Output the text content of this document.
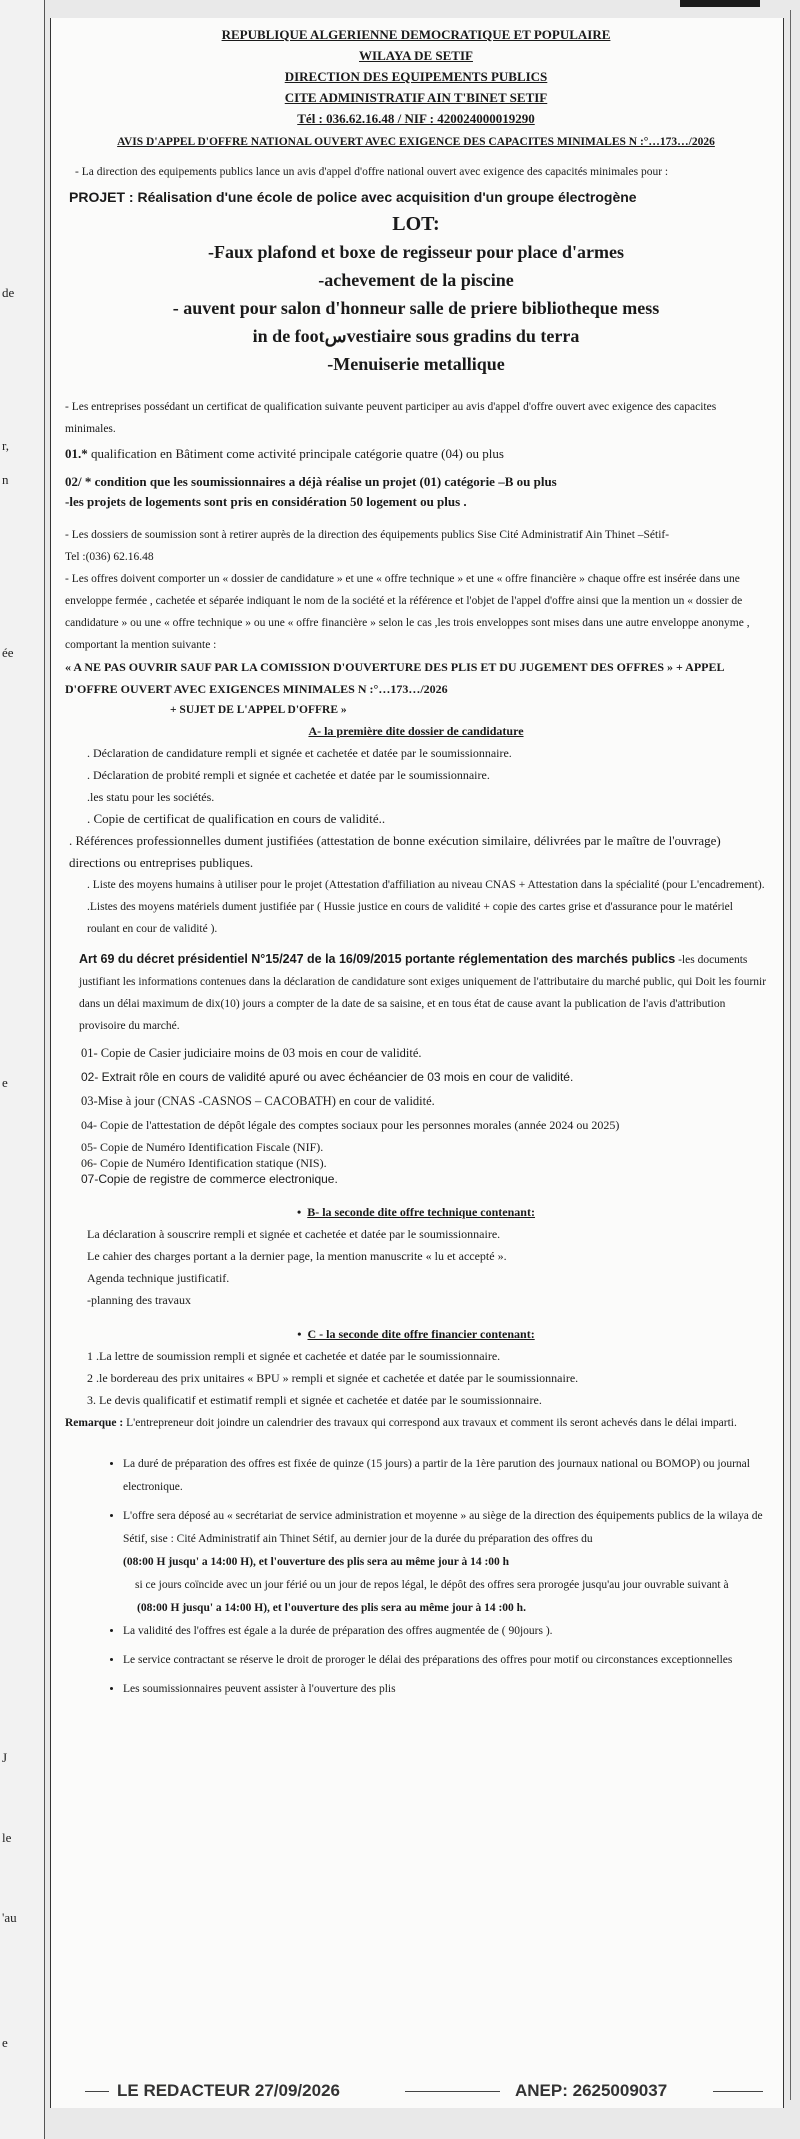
de
r,
n
ée
e
J
le
'au
e
REPUBLIQUE ALGERIENNE DEMOCRATIQUE ET POPULAIRE
WILAYA DE SETIF
DIRECTION DES EQUIPEMENTS PUBLICS
CITE ADMINISTRATIF AIN T'BINET SETIF
Tél : 036.62.16.48 / NIF : 420024000019290
AVIS D'APPEL D'OFFRE NATIONAL OUVERT AVEC EXIGENCE DES CAPACITES MINIMALES N :°…173…/2026

- La direction des equipements publics lance un avis d'appel d'offre national ouvert avec exigence des capacités minimales pour :

PROJET : Réalisation d'une école de police avec acquisition d'un groupe électrogène
LOT:
-Faux plafond et boxe de regisseur pour place d'armes
-achevement de la piscine
- auvent pour salon d'honneur salle de priere bibliotheque mess
in de footسvestiaire sous gradins du terra
-Menuiserie metallique

- Les entreprises possédant un certificat de qualification suivante peuvent participer au avis d'appel d'offre ouvert avec exigence des capacites minimales.

01.* qualification en Bâtiment come activité principale catégorie quatre (04) ou plus

02/ * condition que les soumissionnaires a déjà réalise un projet (01) catégorie –B ou plus

-les projets de logements sont pris en considération 50 logement ou plus .

- Les dossiers de soumission sont à retirer auprès de la direction des équipements publics Sise Cité Administratif Ain Thinet –Sétif-

Tel :(036) 62.16.48

- Les offres doivent comporter un « dossier de candidature » et une « offre technique » et une « offre financière » chaque offre est insérée dans une enveloppe fermée , cachetée et séparée indiquant le nom de la société et la référence et l'objet de l'appel d'offre ainsi que la mention un « dossier de candidature » ou une « offre technique » ou une « offre financière » selon le cas ,les trois enveloppes sont mises dans une autre enveloppe anonyme , comportant la mention suivante :

« A NE PAS OUVRIR SAUF PAR LA COMISSION D'OUVERTURE DES PLIS ET DU JUGEMENT DES OFFRES » + APPEL D'OFFRE OUVERT AVEC EXIGENCES MINIMALES N :°…173…/2026

+ SUJET DE L'APPEL D'OFFRE »

A- la première dite dossier de candidature

. Déclaration de candidature rempli et signée et cachetée et datée par le soumissionnaire.

. Déclaration de probité rempli et signée et cachetée et datée par le soumissionnaire.

.les statu pour les sociétés.

. Copie de certificat de qualification en cours de validité..

. Références professionnelles dument justifiées (attestation de bonne exécution similaire, délivrées par le maître de l'ouvrage) directions ou entreprises publiques.

. Liste des moyens humains à utiliser pour le projet (Attestation d'affiliation au niveau CNAS + Attestation dans la spécialité (pour L'encadrement).

.Listes des moyens matériels dument justifiée par ( Hussie justice en cours de validité + copie des cartes grise et d'assurance pour le matériel roulant en cour de validité ).

Art 69 du décret présidentiel N°15/247 de la 16/09/2015 portante réglementation des marchés publics -les documents justifiant les informations contenues dans la déclaration de candidature sont exiges uniquement de l'attributaire du marché public, qui Doit les fournir dans un délai maximum de dix(10) jours a compter de la date de sa saisine, et en tous état de cause avant la publication de l'avis d'attribution provisoire du marché.

01- Copie de Casier judiciaire moins de 03 mois en cour de validité.

02- Extrait rôle en cours de validité apuré ou avec échéancier de 03 mois en cour de validité.

03-Mise à jour (CNAS -CASNOS – CACOBATH) en cour de validité.

04- Copie de l'attestation de dépôt légale des comptes sociaux pour les personnes morales (année 2024 ou 2025)

05- Copie de Numéro Identification Fiscale (NIF).

06- Copie de Numéro Identification statique (NIS).

07-Copie de registre de commerce electronique.

•  B- la seconde dite offre technique contenant:

La déclaration à souscrire rempli et signée et cachetée et datée par le soumissionnaire.

Le cahier des charges portant a la dernier page, la mention manuscrite « lu et accepté ».

Agenda technique justificatif.

-planning des travaux

•  C - la seconde dite offre financier contenant:

1 .La lettre de soumission rempli et signée et cachetée et datée par le soumissionnaire.

2 .le bordereau des prix unitaires « BPU » rempli et signée et cachetée et datée par le soumissionnaire.

3. Le devis qualificatif et estimatif rempli et signée et cachetée et datée par le soumissionnaire.

Remarque : L'entrepreneur doit joindre un calendrier des travaux qui correspond aux travaux et comment ils seront achevés dans le délai imparti.

• La duré de préparation des offres est fixée de quinze (15 jours) a partir de la 1ère parution des journaux national ou BOMOP) ou journal electronique.
• L'offre sera déposé au « secrétariat de service administration et moyenne » au siège de la direction des équipements publics de la wilaya de Sétif, sise : Cité Administratif ain Thinet Sétif, au dernier jour de la durée du préparation des offres du

(08:00 H jusqu' a 14:00 H), et l'ouverture des plis sera au même jour à 14 :00 h

si ce jours coïncide avec un jour férié ou un jour de repos légal, le dépôt des offres sera prorogée jusqu'au jour ouvrable suivant à

(08:00 H jusqu' a 14:00 H), et l'ouverture des plis sera au même jour à 14 :00 h.

• La validité des l'offres est égale a la durée de préparation des offres augmentée de ( 90jours ).
• Le service contractant se réserve le droit de proroger le délai des préparations des offres pour motif ou circonstances exceptionnelles
• Les soumissionnaires peuvent assister à l'ouverture des plis
LE REDACTEUR 27/09/2026	ANEP: 2625009037
